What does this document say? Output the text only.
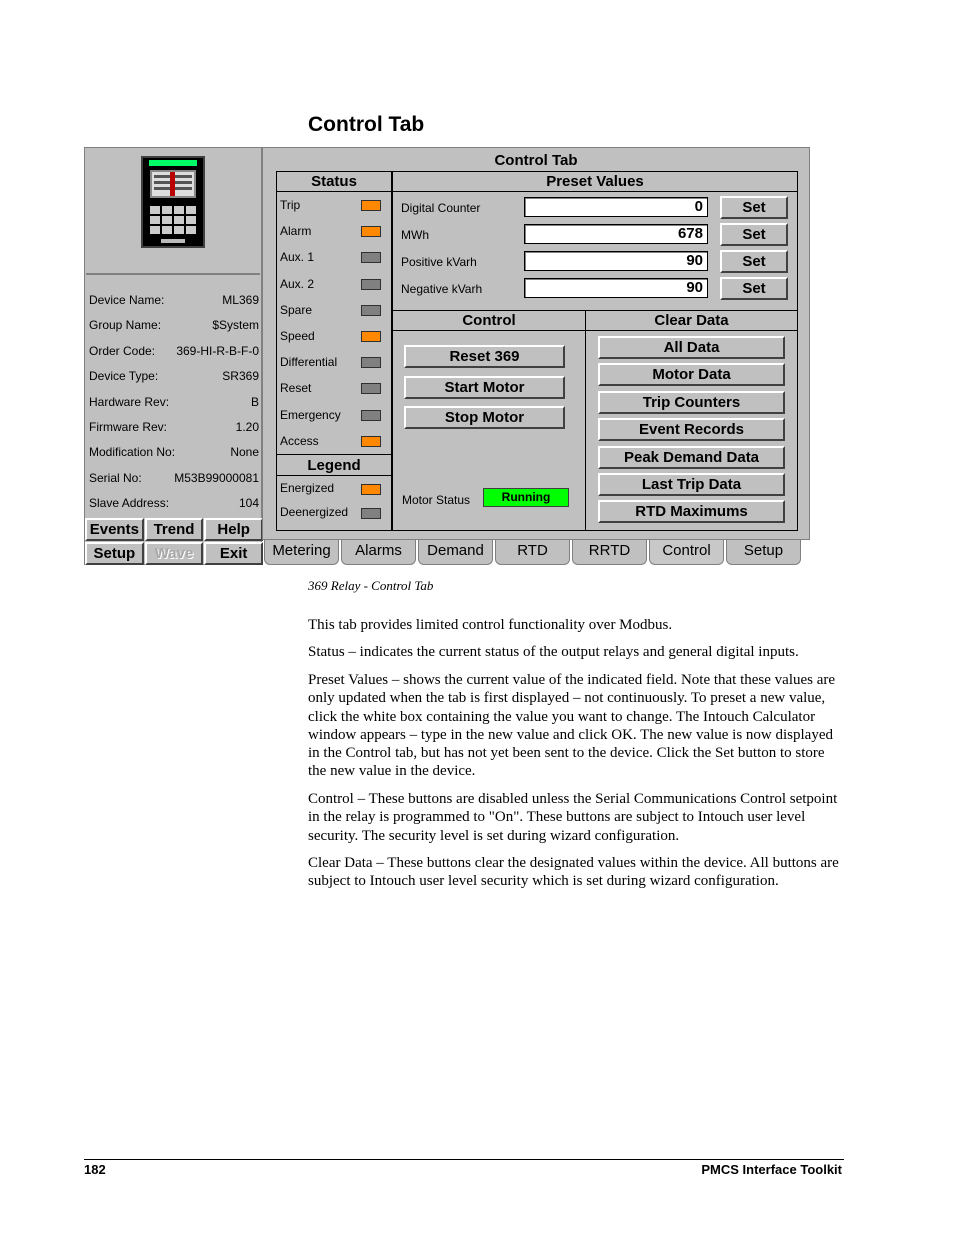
Control Tab
Device Name:	ML369
Group Name:	$System
Order Code: 369-HI-R-B-F-0
Device Type:	SR369
Hardware Rev:	B
Firmware Rev:	1.20
Modification No:	None
Serial No:	M53B99000081
Slave Address:	104
Events Trend	Help
Setup	Wave	Exit
Control Tab
Status
Trip
Alarm
Aux. 1
Aux. 2
Spare
Speed
Differential
Reset
Emergency
Access
Legend
Energized
Deenergized
Preset Values
Digital Counter	0	Set
MWh	678	Set
Positive kVarh	90	Set
Negative kVarh	90	Set
Control
Reset 369
Start Motor
Stop Motor
Motor Status	Running
Clear Data
All Data
Motor Data
Trip Counters
Event Records
Peak Demand Data
Last Trip Data
RTD Maximums
Metering	Alarms	Demand	RTD	RRTD	Control	Setup
369 Relay - Control Tab
This tab provides limited control functionality over Modbus.
Status – indicates the current status of the output relays and general digital inputs.
Preset Values – shows the current value of the indicated field. Note that these values are only updated when the tab is first displayed – not continuously. To preset a new value, click the white box containing the value you want to change. The Intouch Calculator window appears – type in the new value and click OK. The new value is now displayed in the Control tab, but has not yet been sent to the device. Click the Set button to store the new value in the device.
Control – These buttons are disabled unless the Serial Communications Control setpoint in the relay is programmed to "On". These buttons are subject to Intouch user level security. The security level is set during wizard configuration.
Clear Data – These buttons clear the designated values within the device. All buttons are subject to Intouch user level security which is set during wizard configuration.
182	PMCS Interface Toolkit
